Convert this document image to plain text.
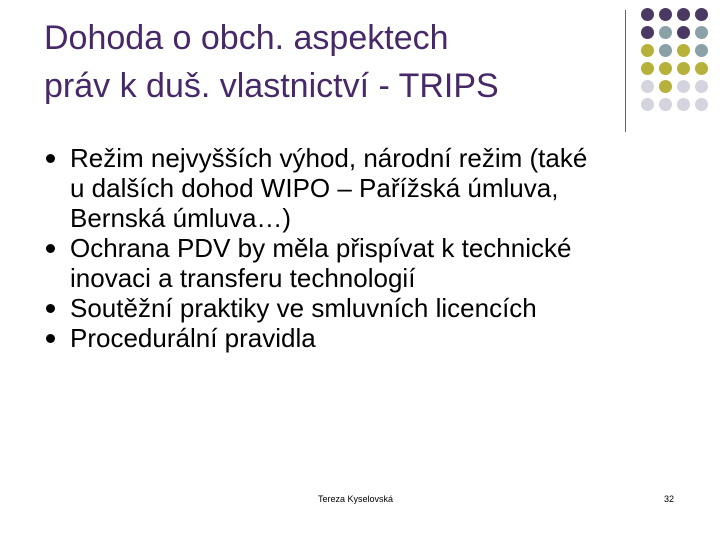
Dohoda o obch. aspektech
práv k duš. vlastnictví - TRIPS
Režim nejvyšších výhod, národní režim (také
u dalších dohod WIPO – Pařížská úmluva,
Bernská úmluva…)
Ochrana PDV by měla přispívat k technické
inovaci a transferu technologií
Soutěžní praktiky ve smluvních licencích
Procedurální pravidla
Tereza Kyselovská	32
